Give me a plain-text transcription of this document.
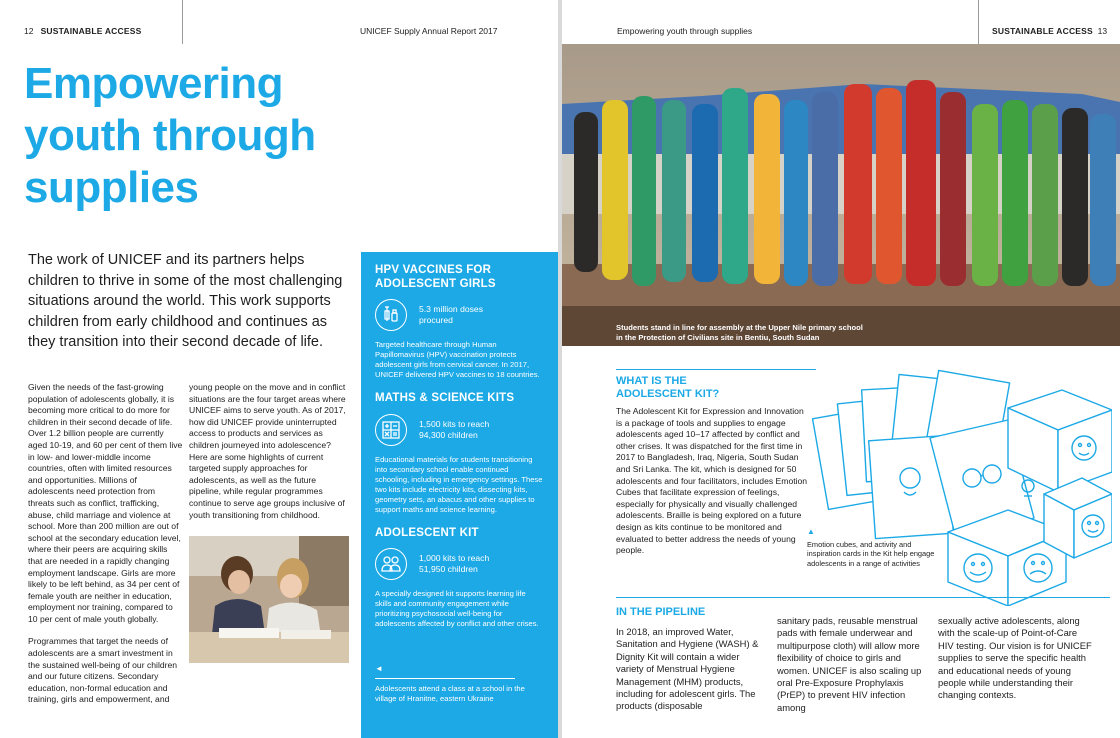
12 SUSTAINABLE ACCESS	UNICEF Supply Annual Report 2017
Empowering
youth through
supplies

The work of UNICEF and its partners helps children to thrive in some of the most challenging situations around the world. This work supports children from early childhood and continues as they transition into their second decade of life.

Given the needs of the fast-growing population of adolescents globally, it is becoming more critical to do more for children in their second decade of life. Over 1.2 billion people are currently aged 10-19, and 60 per cent of them live in low- and lower-middle income countries, often with limited resources and opportunities. Millions of adolescents need protection from threats such as conflict, trafficking, abuse, child marriage and violence at school. More than 200 million are out of school at the secondary education level, where their peers are acquiring skills that are needed in a rapidly changing employment landscape. Girls are more likely to be left behind, as 34 per cent of female youth are neither in education, employment nor training, compared to 10 per cent of male youth globally.

Programmes that target the needs of adolescents are a smart investment in the sustained well-being of our children and our future citizens. Secondary education, non-formal education and training, girls and empowerment, and

young people on the move and in conflict situations are the four target areas where UNICEF aims to serve youth. As of 2017, how did UNICEF provide uninterrupted access to products and services as children journeyed into adolescence? Here are some highlights of current targeted supply approaches for adolescents, as well as the future pipeline, while regular programmes continue to serve age groups inclusive of youth transitioning from childhood.

HPV VACCINES FOR ADOLESCENT GIRLS
5.3 million doses
procured

Targeted healthcare through Human Papillomavirus (HPV) vaccination protects adolescent girls from cervical cancer. In 2017, UNICEF delivered HPV vaccines to 18 countries.

MATHS & SCIENCE KITS
1,500 kits to reach
94,300 children

Educational materials for students transitioning into secondary school enable continued schooling, including in emergency settings. These two kits include electricity kits, dissecting kits, geometry sets, an abacus and other supplies to support maths and science learning.

ADOLESCENT KIT
1,000 kits to reach
51,950 children

A specially designed kit supports learning life skills and community engagement while prioritizing psychosocial well-being for adolescents affected by conflict and other crises.

◄
Adolescents attend a class at a school in the village of Hranitne, eastern Ukraine
Empowering youth through supplies	SUSTAINABLE ACCESS 13

Students stand in line for assembly at the Upper Nile primary school in the Protection of Civilians site in Bentiu, South Sudan

WHAT IS THE
ADOLESCENT KIT?

The Adolescent Kit for Expression and Innovation is a package of tools and supplies to engage adolescents aged 10–17 affected by conflict and other crises. It was dispatched for the first time in 2017 to Bangladesh, Iraq, Nigeria, South Sudan and Sri Lanka. The kit, which is designed for 50 adolescents and four facilitators, includes Emotion Cubes that facilitate expression of feelings, especially for physically and visually challenged adolescents. Braille is being explored on a future design as kits continue to be monitored and evaluated to better address the needs of young people.

▲
Emotion cubes, and activity and inspiration cards in the Kit help engage adolescents in a range of activities
IN THE PIPELINE

In 2018, an improved Water, Sanitation and Hygiene (WASH) & Dignity Kit will contain a wider variety of Menstrual Hygiene Management (MHM) products, including for adolescent girls. The products (disposable

sanitary pads, reusable menstrual pads with female underwear and multipurpose cloth) will allow more flexibility of choice to girls and women. UNICEF is also scaling up oral Pre-Exposure Prophylaxis (PrEP) to prevent HIV infection among

sexually active adolescents, along with the scale-up of Point-of-Care HIV testing. Our vision is for UNICEF supplies to serve the specific health and educational needs of young people while understanding their changing contexts.
